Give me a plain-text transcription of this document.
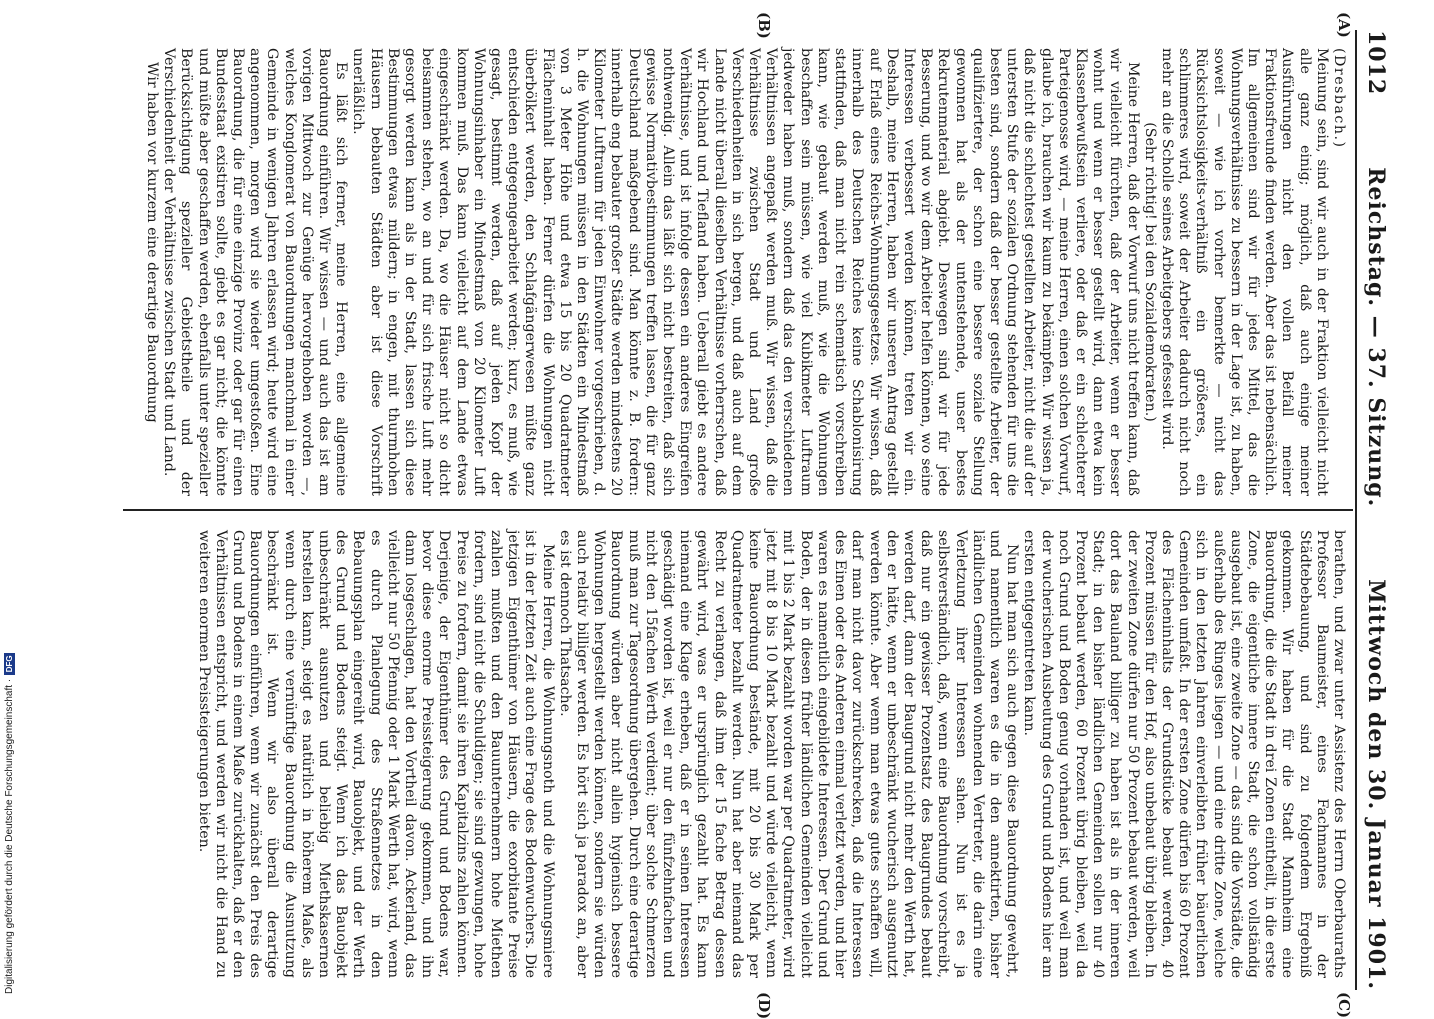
1012
Reichstag. — 37. Sitzung.
Mittwoch den 30. Januar 1901.
(A)
(B)
(C)
(D)

(Dresbach.)

Meinung sein, sind wir auch in der Fraktion vielleicht nicht alle ganz einig; möglich, daß auch einige meiner Ausführungen nicht den vollen Beifall meiner Fraktionsfreunde finden werden. Aber das ist nebensächlich. Im allgemeinen sind wir für jedes Mittel, das die Wohnungsverhältnisse zu bessern in der Lage ist, zu haben, soweit — wie ich vorher bemerkte — nicht das Rücksichtslosigkeits-verhältniß ein größeres, ein schlimmeres wird, soweit der Arbeiter dadurch nicht noch mehr an die Scholle seines Arbeitgebers gefesselt wird.

(Sehr richtig! bei den Sozialdemokraten.)

Meine Herren, daß der Vorwurf uns nicht treffen kann, daß wir vielleicht fürchten, daß der Arbeiter, wenn er besser wohnt und wenn er besser gestellt wird, dann etwa kein Klassenbewußtsein verliere, oder daß er ein schlechterer Parteigenosse wird, — meine Herren, einen solchen Vorwurf, glaube ich, brauchen wir kaum zu bekämpfen. Wir wissen ja, daß nicht die schlechtest gestellten Arbeiter, nicht die auf der untersten Stufe der sozialen Ordnung stehenden für uns die besten sind, sondern daß der besser gestellte Arbeiter, der qualifiziertere, der schon eine bessere soziale Stellung gewonnen hat als der untenstehende, unser bestes Rekrutenmaterial abgiebt. Deswegen sind wir für jede Besserung, und wo wir dem Arbeiter helfen können, wo seine Interessen verbessert werden können, treten wir ein. Deshalb, meine Herren, haben wir unseren Antrag gestellt auf Erlaß eines Reichs-Wohnungsgesetzes. Wir wissen, daß innerhalb des Deutschen Reiches keine Schablonisirung stattfinden, daß man nicht rein schematisch vorschreiben kann, wie gebaut werden muß, wie die Wohnungen beschaffen sein müssen, wie viel Kubikmeter Luftraum jedweder haben muß, sondern daß das den verschiedenen Verhältnissen angepaßt werden muß. Wir wissen, daß die Verhältnisse zwischen Stadt und Land große Verschiedenheiten in sich bergen, und daß auch auf dem Lande nicht überall dieselben Verhältnisse vorherrschen, daß wir Hochland und Tiefland haben. Ueberall giebt es andere Verhältnisse, und ist infolge dessen ein anderes Eingreifen nothwendig. Allein das läßt sich nicht bestreiten, daß sich gewisse Normativbestimmungen treffen lassen, die für ganz Deutschland maßgebend sind. Man könnte z. B. fordern: innerhalb eng bebauter großer Städte werden mindestens 20 Kilometer Luftraum für jeden Einwohner vorgeschrieben, d. h. die Wohnungen müssen in den Städten ein Mindestmaß von 3 Meter Höhe und etwa 15 bis 20 Quadratmeter Flächeninhalt haben. Ferner dürfen die Wohnungen nicht überbölkert werden, den Schlafgängerwesen müßte ganz entschieden entgegengearbeitet werden; kurz, es muß, wie gesagt, bestimmt werden, daß auf jeden Kopf der Wohnungsinhaber ein Mindestmaß von 20 Kilometer Luft kommen muß. Das kann vielleicht auf dem Lande etwas eingeschränkt werden. Da, wo die Häuser nicht so dicht beisammen stehen, wo an und für sich frische Luft mehr gesorgt werden kann als in der Stadt, lassen sich diese Bestimmungen etwas mildern; in engen, mit thurmhohen Häusern bebauten Städten aber ist diese Vorschrift unerläßlich.

Es läßt sich ferner, meine Herren, eine allgemeine Bauordnung einführen. Wir wissen — und auch das ist am vorigen Mittwoch zur Genüge hervorgehoben worden —, welches Konglomerat von Bauordnungen manchmal in einer Gemeinde in wenigen Jahren erlassen wird; heute wird eine angenommen, morgen wird sie wieder umgestoßen. Eine Bauordnung, die für eine einzige Provinz oder gar für einen Bundesstaat existiren sollte, giebt es gar nicht; die könnte und müßte aber geschaffen werden, ebenfalls unter spezieller Berücksichtigung spezieller Gebietstheile und der Verschiedenheit der Verhältnisse zwischen Stadt und Land.

Wir haben vor kurzem eine derartige Bauordnung

berathen, und zwar unter Assistenz des Herrn Oberbauraths Professor Baumeister, eines Fachmannes in der Städtebebauung, und sind zu folgendem Ergebniß gekommen. Wir haben für die Stadt Mannheim eine Bauordnung, die die Stadt in drei Zonen eintheilt, in die erste Zone, die eigentliche innere Stadt, die schon vollständig ausgebaut ist, eine zweite Zone — das sind die Vorstädte, die außerhalb des Ringes liegen — und eine dritte Zone, welche sich in den letzten Jahren einverleibten früher bäuerlichen Gemeinden umfaßt. In der ersten Zone dürfen bis 60 Prozent des Flächeninhalts der Grundstücke bebaut werden, 40 Prozent müssen für den Hof, also unbebaut übrig bleiben. In der zweiten Zone dürfen nur 50 Prozent bebaut werden, weil dort das Bauland billiger zu haben ist als in der inneren Stadt; in den bisher ländlichen Gemeinden sollen nur 40 Prozent bebaut werden, 60 Prozent übrig bleiben, weil da noch Grund und Boden genug vorhanden ist, und weil man der wucherischen Ausbeutung des Grund und Bodens hier am ersten entgegentreten kann.

Nun hat man sich auch gegen diese Bauordnung gewehrt, und namentlich waren es die in den annektirten, bisher ländlichen Gemeinden wohnenden Vertreter, die darin eine Verletzung ihrer Interessen sahen. Nun ist es ja selbstverständlich, daß, wenn eine Bauordnung vorschreibt, daß nur ein gewisser Prozentsatz des Baugrundes bebaut werden darf, dann der Baugrund nicht mehr den Werth hat, den er hätte, wenn er unbeschränkt wucherisch ausgenutzt werden könnte. Aber wenn man etwas gutes schaffen will, darf man nicht davor zurückschrecken, daß die Interessen des Einen oder des Anderen einmal verletzt werden, und hier waren es namentlich eingebildete Interessen. Der Grund und Boden, der in diesen früher ländlichen Gemeinden vielleicht mit 1 bis 2 Mark bezahlt worden war per Quadratmeter, wird jetzt mit 8 bis 10 Mark bezahlt und würde vielleicht, wenn keine Bauordnung bestände, mit 20 bis 30 Mark per Quadratmeter bezahlt werden. Nun hat aber niemand das Recht zu verlangen, daß ihm der 15 fache Betrag dessen gewährt wird, was er ursprünglich gezahlt hat. Es kann niemand eine Klage erheben, daß er in seinen Interessen geschädigt worden ist, weil er nur den fünfzehnfachen und nicht den 15fachen Werth verdient; über solche Schmerzen muß man zur Tagesordnung übergehen. Durch eine derartige Bauordnung würden aber nicht allein hygienisch bessere Wohnungen hergestellt werden können, sondern sie würden auch relativ billiger werden. Es hört sich ja paradox an, aber es ist dennoch Thatsache.

Meine Herren, die Wohnungsnoth und die Wohnungsmiere ist in der letzten Zeit auch eine Frage des Bodenwuchers. Die jetzigen Eigenthümer von Häusern, die exorbitante Preise zahlen mußten und den Bauunternehmern hohe Miethen fordern, sind nicht die Schuldigen; sie sind gezwungen, hohe Preise zu fordern, damit sie ihren Kapitalzins zahlen können. Derjenige, der Eigenthümer des Grund und Bodens war, bevor diese enorme Preissteigerung gekommen, und ihn dann losgeschlagen, hat den Vortheil davon. Ackerland, das vielleicht nur 50 Pfennig oder 1 Mark Werth hat, wird, wenn es durch Planlegung des Straßennetzes in den Bebauungsplan eingereiht wird, Bauobjekt, und der Werth des Grund und Bodens steigt. Wenn ich das Bauobjekt unbeschränkt ausnutzen und beliebig Miethskasernen herstellen kann, steigt es natürlich in höherem Maße, als wenn durch eine vernünftige Bauordnung die Ausnutzung beschränkt ist. Wenn wir also überall derartige Bauordnungen einführen, wenn wir zunächst den Preis des Grund und Bodens in einem Maße zurückhalten, daß er den Verhältnissen entspricht, und werden wir nicht die Hand zu weiteren enormen Preissteigerungen bieten.

Digitalisierung gefördert durch die Deutsche Forschungsgemeinschaft ·
DFG
